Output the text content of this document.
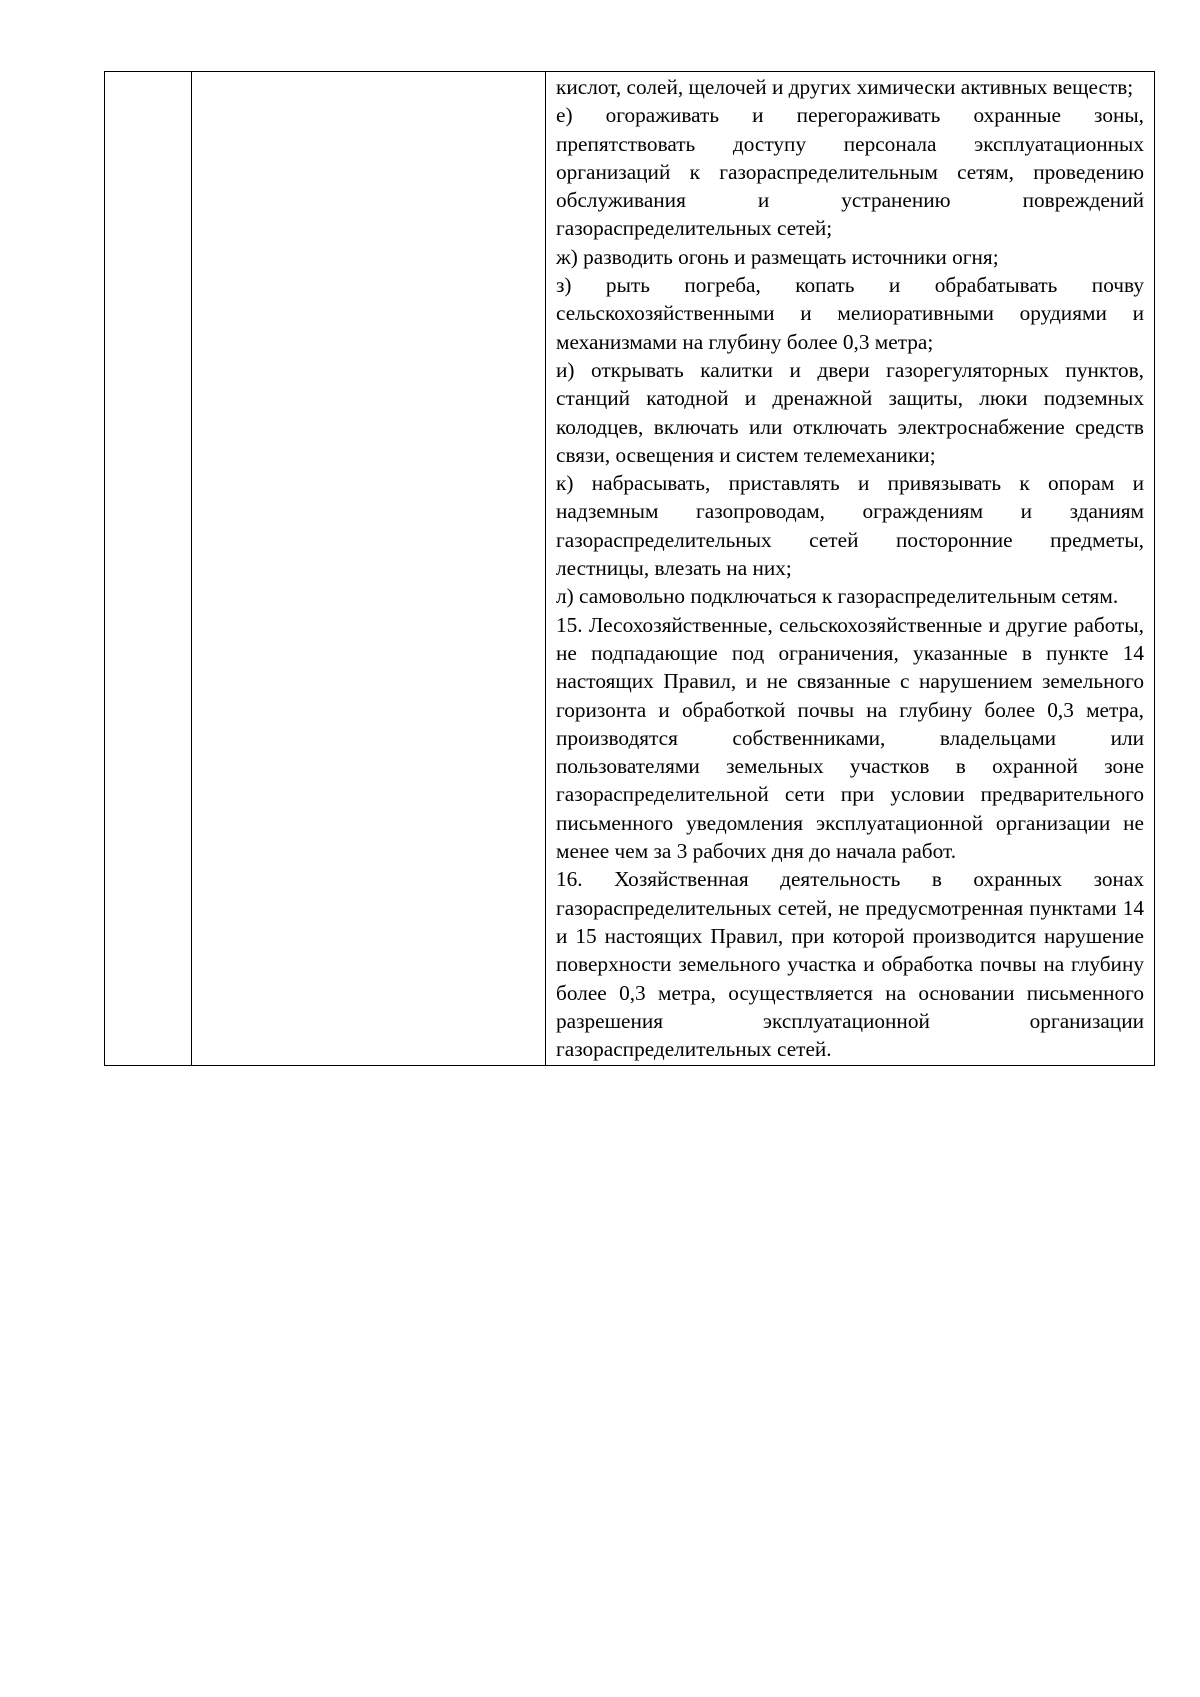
кислот, солей, щелочей и других химически активных веществ;

е) огораживать и перегораживать охранные зоны, препятствовать доступу персонала эксплуатационных организаций к газораспределительным сетям, проведению обслуживания и устранению повреждений газораспределительных сетей;

ж) разводить огонь и размещать источники огня;

з) рыть погреба, копать и обрабатывать почву сельскохозяйственными и мелиоративными орудиями и механизмами на глубину более 0,3 метра;

и) открывать калитки и двери газорегуляторных пунктов, станций катодной и дренажной защиты, люки подземных колодцев, включать или отключать электроснабжение средств связи, освещения и систем телемеханики;

к) набрасывать, приставлять и привязывать к опорам и надземным газопроводам, ограждениям и зданиям газораспределительных сетей посторонние предметы, лестницы, влезать на них;

л) самовольно подключаться к газораспределительным сетям.

15. Лесохозяйственные, сельскохозяйственные и другие работы, не подпадающие под ограничения, указанные в пункте 14 настоящих Правил, и не связанные с нарушением земельного горизонта и обработкой почвы на глубину более 0,3 метра, производятся собственниками, владельцами или пользователями земельных участков в охранной зоне газораспределительной сети при условии предварительного письменного уведомления эксплуатационной организации не менее чем за 3 рабочих дня до начала работ.

16. Хозяйственная деятельность в охранных зонах газораспределительных сетей, не предусмотренная пунктами 14 и 15 настоящих Правил, при которой производится нарушение поверхности земельного участка и обработка почвы на глубину более 0,3 метра, осуществляется на основании письменного разрешения эксплуатационной организации газораспределительных сетей.
